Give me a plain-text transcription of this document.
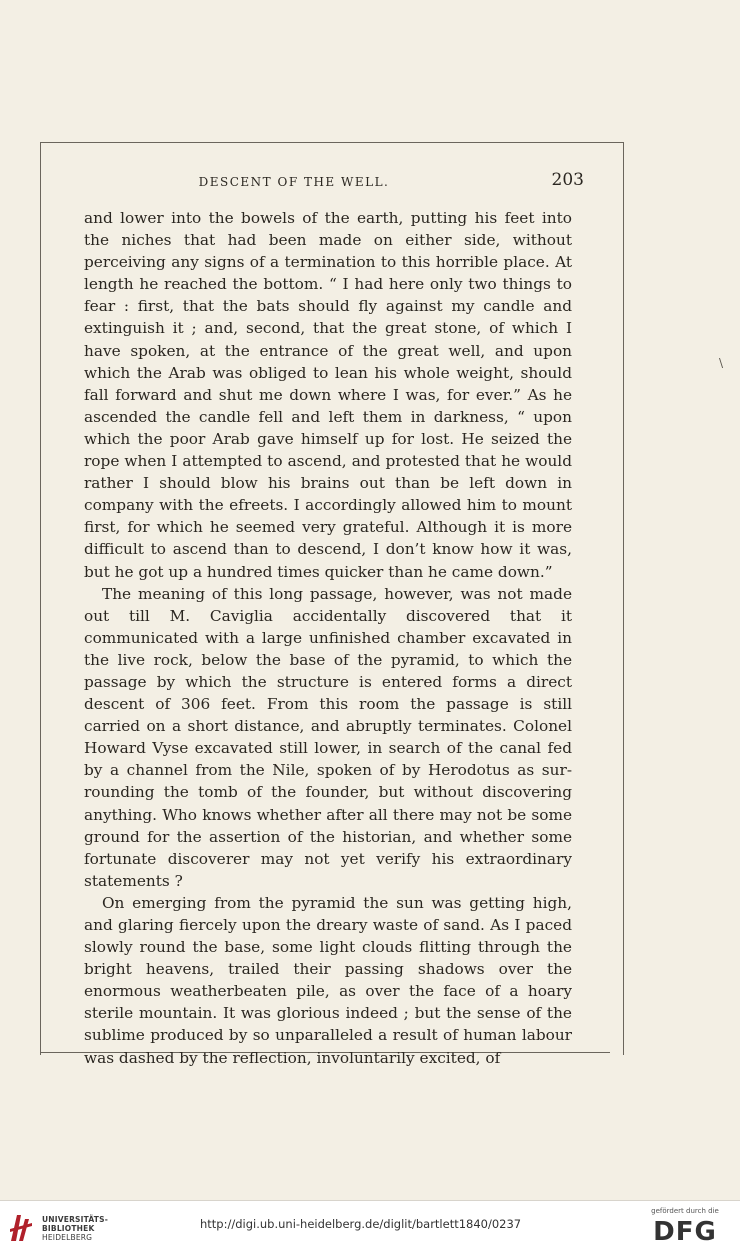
DESCENT OF THE WELL.	203

and lower into the bowels of the earth, putting his feet into the niches that had been made on either side, without perceiving any signs of a termination to this horrible place. At length he reached the bottom. “ I had here only two things to fear : first, that the bats should fly against my candle and extinguish it ; and, second, that the great stone, of which I have spoken, at the entrance of the great well, and upon which the Arab was obliged to lean his whole weight, should fall forward and shut me down where I was, for ever.” As he ascended the candle fell and left them in darkness, “ upon which the poor Arab gave himself up for lost. He seized the rope when I attempted to ascend, and protested that he would rather I should blow his brains out than be left down in company with the efreets. I accordingly allowed him to mount first, for which he seemed very grateful. Although it is more difficult to ascend than to descend, I don’t know how it was, but he got up a hundred times quicker than he came down.”

The meaning of this long passage, however, was not made out till M. Caviglia accidentally discovered that it communicated with a large unfinished chamber excavated in the live rock, below the base of the pyramid, to which the passage by which the structure is entered forms a direct descent of 306 feet. From this room the passage is still carried on a short distance, and abruptly terminates. Colonel Howard Vyse excavated still lower, in search of the canal fed by a channel from the Nile, spoken of by Herodotus as sur-rounding the tomb of the founder, but without discovering anything. Who knows whether after all there may not be some ground for the assertion of the historian, and whether some fortunate discoverer may not yet verify his extraordinary statements ?

On emerging from the pyramid the sun was getting high, and glaring fiercely upon the dreary waste of sand. As I paced slowly round the base, some light clouds flitting through the bright heavens, trailed their passing shadows over the enormous weatherbeaten pile, as over the face of a hoary sterile mountain. It was glorious indeed ; but the sense of the sublime produced by so unparalleled a result of human labour was dashed by the reflection, involuntarily excited, of

\
UNIVERSITÄTS-
BIBLIOTHEK
HEIDELBERG
http://digi.ub.uni-heidelberg.de/diglit/bartlett1840/0237
gefördert durch die
DFG
